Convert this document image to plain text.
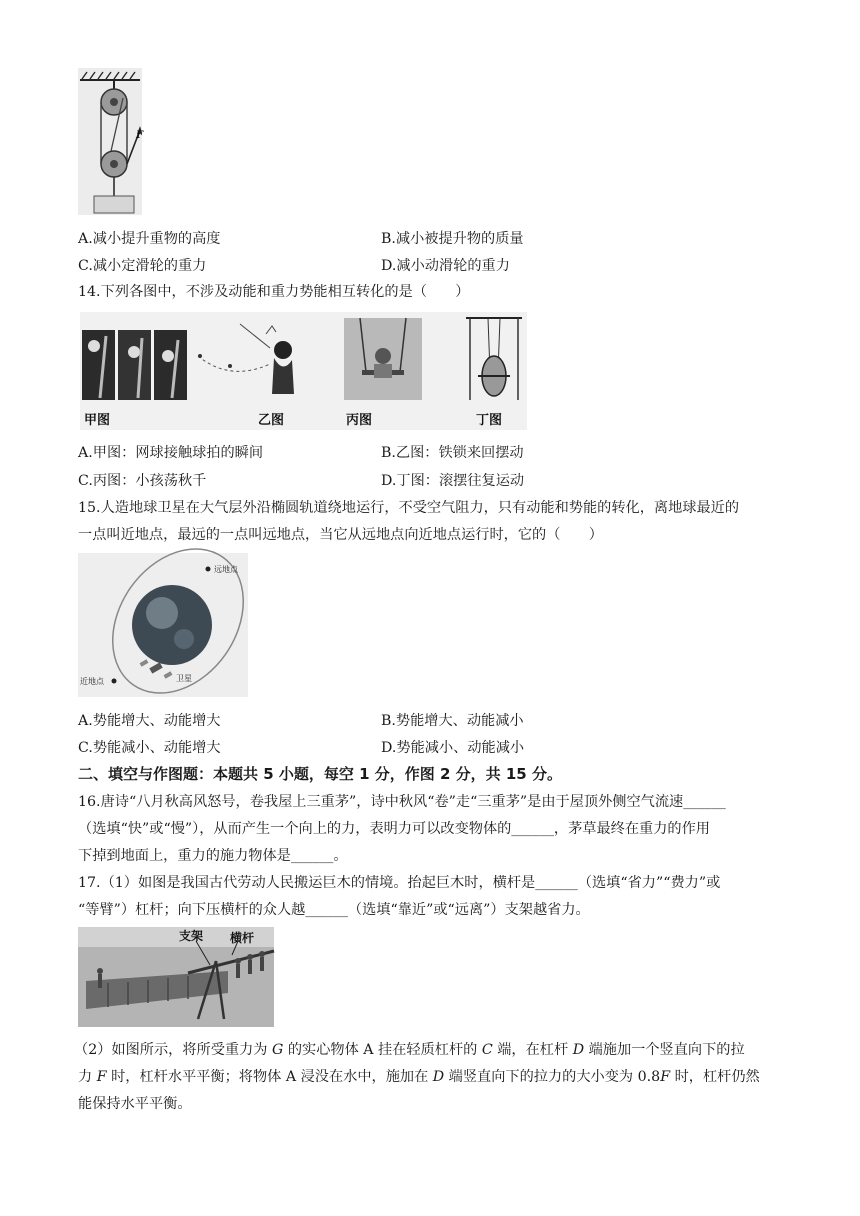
F
A.减小提升重物的高度	B.减小被提升物的质量
C.减小定滑轮的重力	D.减小动滑轮的重力
14.下列各图中，不涉及动能和重力势能相互转化的是（　　）
甲图	乙图	丙图	丁图
A.甲图：网球接触球拍的瞬间	B.乙图：铁锁来回摆动
C.丙图：小孩荡秋千	D.丁图：滚摆往复运动
15.人造地球卫星在大气层外沿椭圆轨道绕地运行，不受空气阻力，只有动能和势能的转化，离地球最近的
一点叫近地点，最远的一点叫远地点，当它从远地点向近地点运行时，它的（　　）
远地点
近地点	卫星
A.势能增大、动能增大	B.势能增大、动能减小
C.势能减小、动能增大	D.势能减小、动能减小
二、填空与作图题：本题共 5 小题，每空 1 分，作图 2 分，共 15 分。
16.唐诗“八月秋高风怒号，卷我屋上三重茅”，诗中秋风“卷”走“三重茅”是由于屋顶外侧空气流速______
（选填“快”或“慢”），从而产生一个向上的力，表明力可以改变物体的______，茅草最终在重力的作用
下掉到地面上，重力的施力物体是______。
17.（1）如图是我国古代劳动人民搬运巨木的情境。抬起巨木时，横杆是______（选填“省力”“费力”或
“等臂”）杠杆；向下压横杆的众人越______（选填“靠近”或“远离”）支架越省力。
支架 横杆
（2）如图所示，将所受重力为 G 的实心物体 A 挂在轻质杠杆的 C 端，在杠杆 D 端施加一个竖直向下的拉
力 F 时，杠杆水平平衡；将物体 A 浸没在水中，施加在 D 端竖直向下的拉力的大小变为 0.8F 时，杠杆仍然
能保持水平平衡。
